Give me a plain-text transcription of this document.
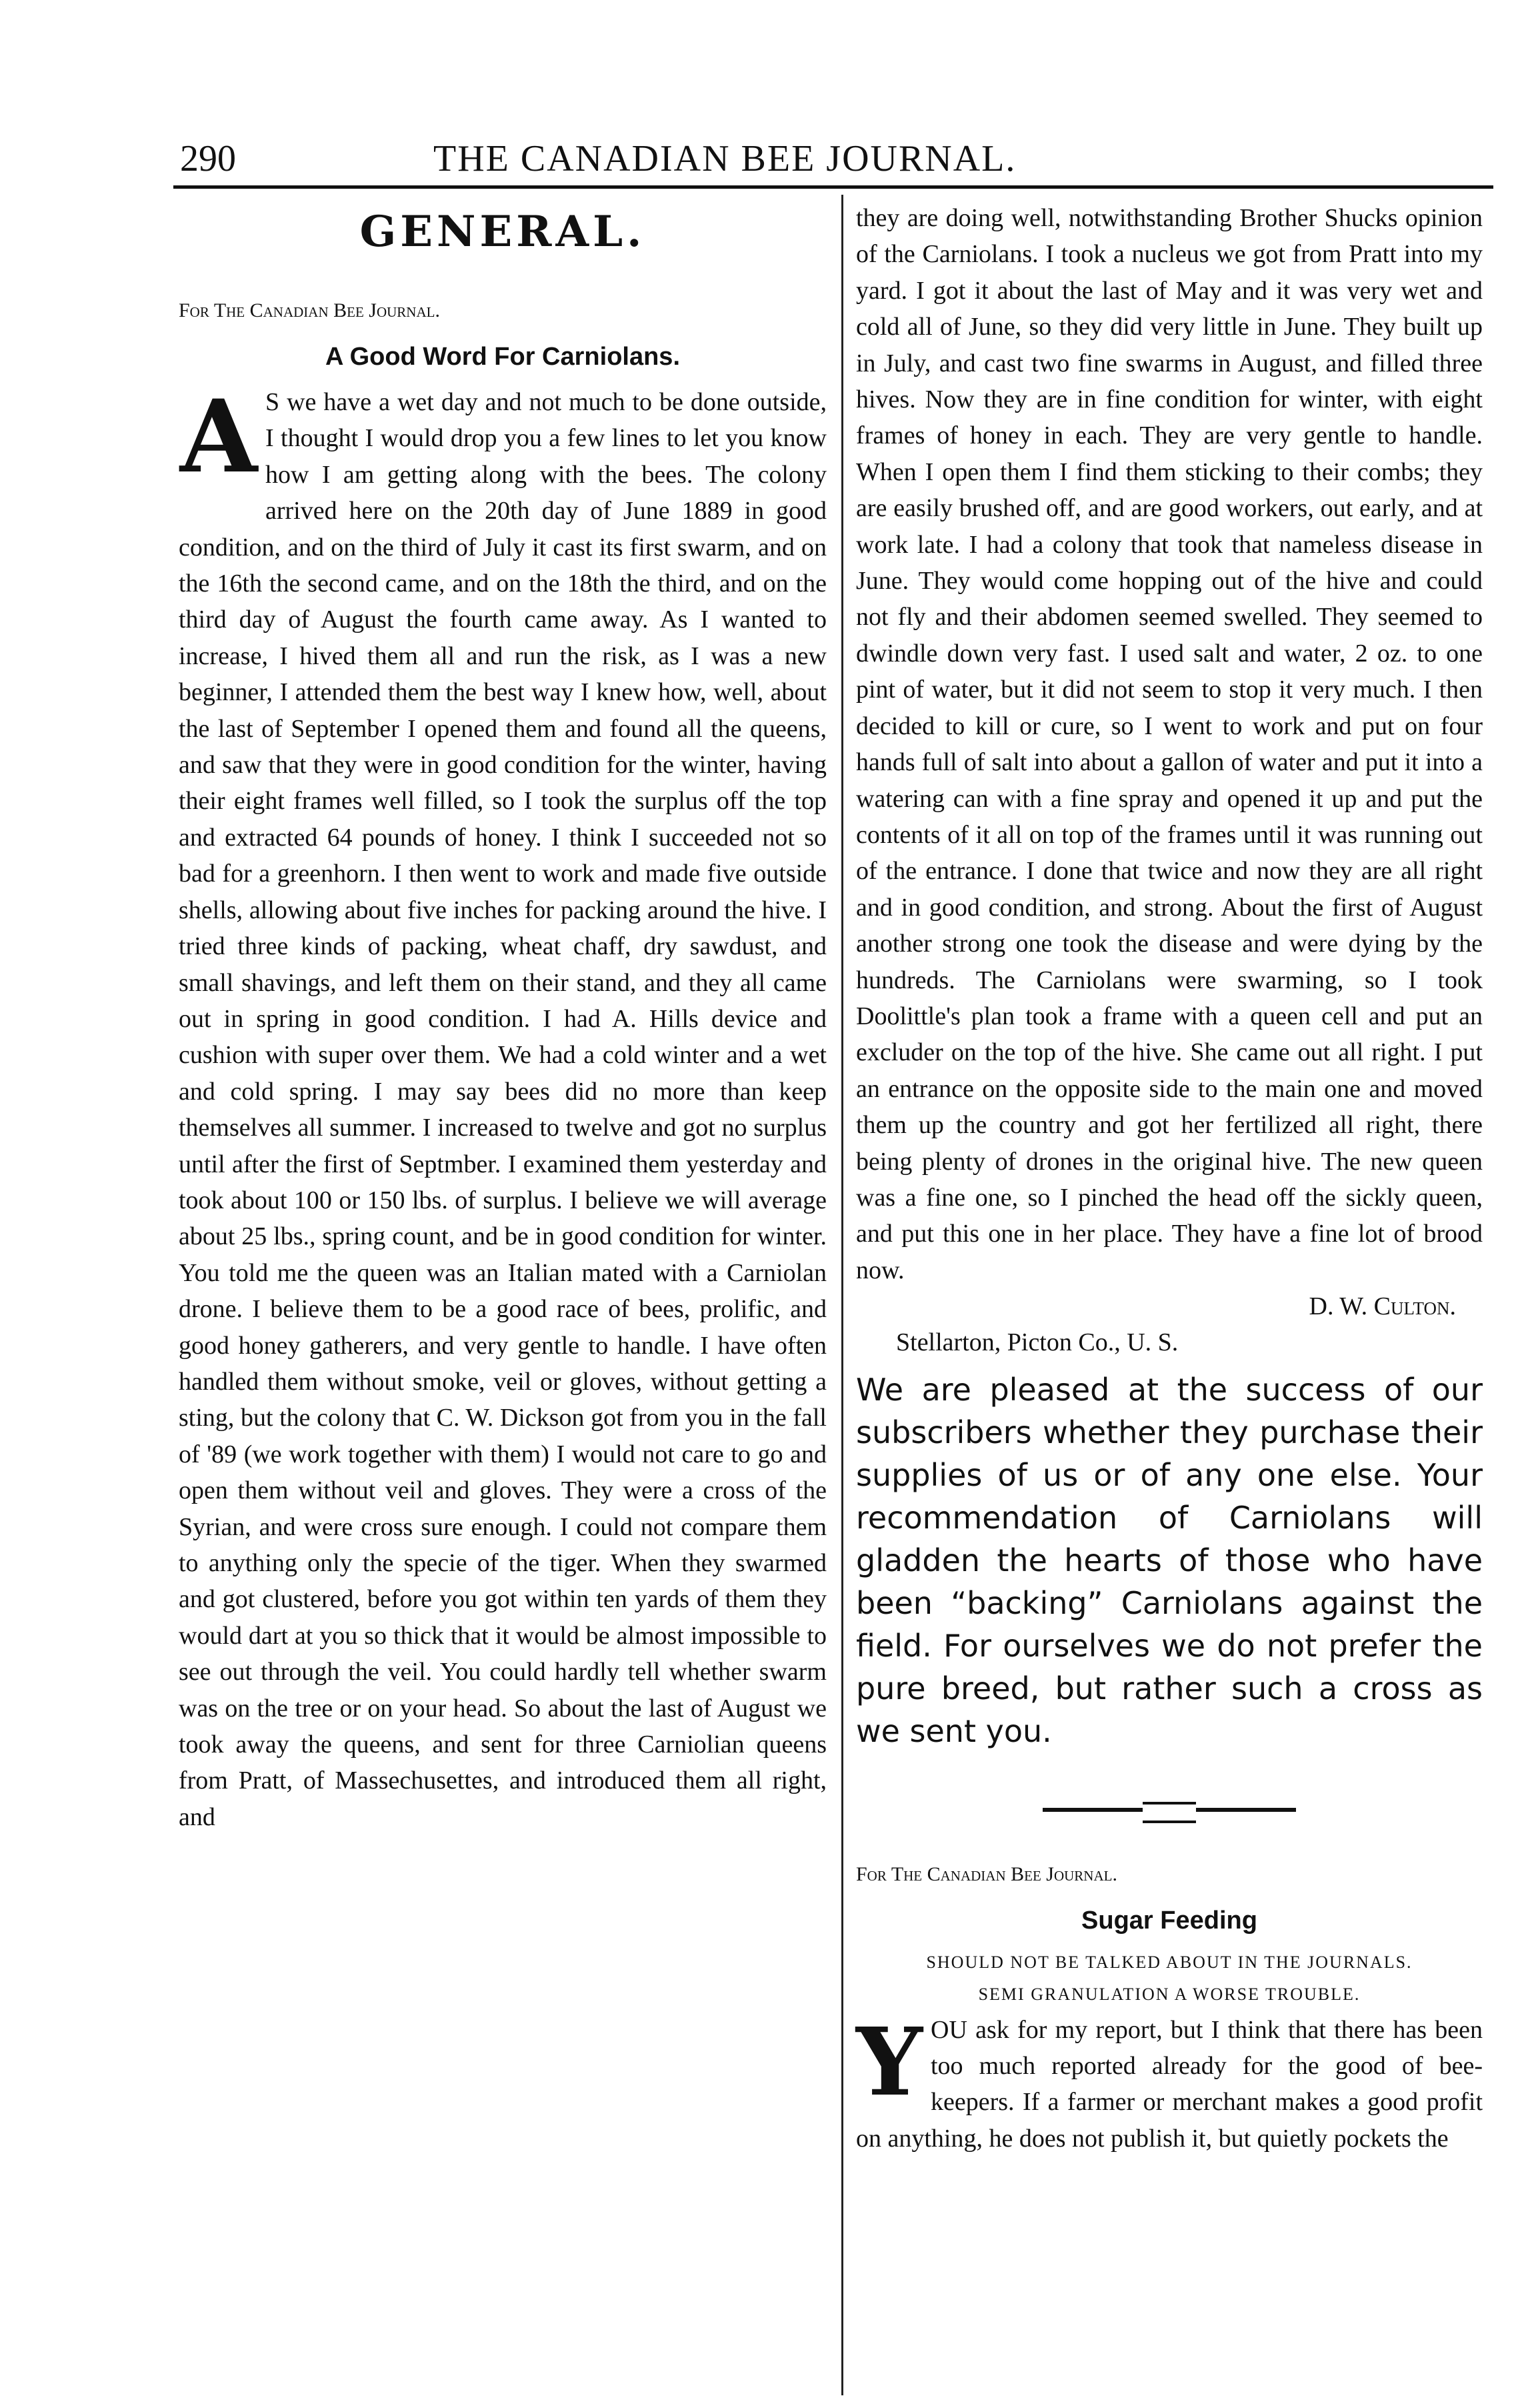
290	THE CANADIAN BEE JOURNAL.
GENERAL.
For The Canadian Bee Journal.
A Good Word For Carniolans.
A S we have a wet day and not much to be done outside, I thought I would drop you a few lines to let you know how I am getting along with the bees. The colony arrived here on the 20th day of June 1889 in good condition, and on the third of July it cast its first swarm, and on the 16th the second came, and on the 18th the third, and on the third day of August the fourth came away. As I wanted to increase, I hived them all and run the risk, as I was a new beginner, I attended them the best way I knew how, well, about the last of September I opened them and found all the queens, and saw that they were in good condition for the winter, having their eight frames well filled, so I took the surplus off the top and extracted 64 pounds of honey. I think I succeeded not so bad for a greenhorn. I then went to work and made five outside shells, allowing about five inches for packing around the hive. I tried three kinds of packing, wheat chaff, dry sawdust, and small shavings, and left them on their stand, and they all came out in spring in good condition. I had A. Hills device and cushion with super over them. We had a cold winter and a wet and cold spring. I may say bees did no more than keep themselves all summer. I increased to twelve and got no surplus until after the first of Septmber. I examined them yesterday and took about 100 or 150 lbs. of surplus. I believe we will average about 25 lbs., spring count, and be in good condition for winter. You told me the queen was an Italian mated with a Carniolan drone. I believe them to be a good race of bees, prolific, and good honey gatherers, and very gentle to handle. I have often handled them without smoke, veil or gloves, without getting a sting, but the colony that C. W. Dickson got from you in the fall of '89 (we work together with them) I would not care to go and open them without veil and gloves. They were a cross of the Syrian, and were cross sure enough. I could not compare them to anything only the specie of the tiger. When they swarmed and got clustered, before you got within ten yards of them they would dart at you so thick that it would be almost impossible to see out through the veil. You could hardly tell whether swarm was on the tree or on your head. So about the last of August we took away the queens, and sent for three Carniolian queens from Pratt, of Massechusettes, and introduced them all right, and

they are doing well, notwithstanding Brother Shucks opinion of the Carniolans. I took a nucleus we got from Pratt into my yard. I got it about the last of May and it was very wet and cold all of June, so they did very little in June. They built up in July, and cast two fine swarms in August, and filled three hives. Now they are in fine condition for winter, with eight frames of honey in each. They are very gentle to handle. When I open them I find them sticking to their combs; they are easily brushed off, and are good workers, out early, and at work late. I had a colony that took that nameless disease in June. They would come hopping out of the hive and could not fly and their abdomen seemed swelled. They seemed to dwindle down very fast. I used salt and water, 2 oz. to one pint of water, but it did not seem to stop it very much. I then decided to kill or cure, so I went to work and put on four hands full of salt into about a gallon of water and put it into a watering can with a fine spray and opened it up and put the contents of it all on top of the frames until it was running out of the entrance. I done that twice and now they are all right and in good condition, and strong. About the first of August another strong one took the disease and were dying by the hundreds. The Carniolans were swarming, so I took Doolittle's plan took a frame with a queen cell and put an excluder on the top of the hive. She came out all right. I put an entrance on the opposite side to the main one and moved them up the country and got her fertilized all right, there being plenty of drones in the original hive. The new queen was a fine one, so I pinched the head off the sickly queen, and put this one in her place. They have a fine lot of brood now.

D. W. Culton.
Stellarton, Picton Co., U. S.
We are pleased at the success of our subscribers whether they purchase their supplies of us or of any one else. Your recommendation of Carniolans will gladden the hearts of those who have been “backing” Carniolans against the field. For ourselves we do not prefer the pure breed, but rather such a cross as we sent you.
For The Canadian Bee Journal.
Sugar Feeding
SHOULD NOT BE TALKED ABOUT IN THE JOURNALS.
SEMI GRANULATION A WORSE TROUBLE.
Y OU ask for my report, but I think that there has been too much reported already for the good of bee-keepers. If a farmer or merchant makes a good profit on anything, he does not publish it, but quietly pockets the
